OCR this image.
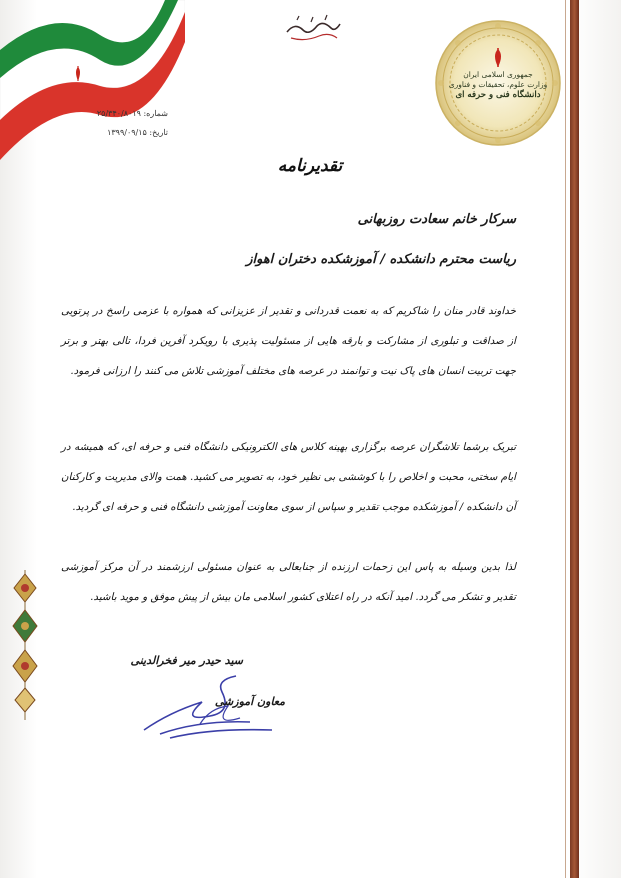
جمهوری اسلامی ایران
وزارت علوم، تحقیقات و فناوری
دانشگاه فنی و حرفه ای
شماره: ۲۵/۳۴۰/۸۰۱۹
تاریخ: ۱۳۹۹/۰۹/۱۵
تقدیرنامه
سرکار خانم سعادت روزبهانی
ریاست محترم دانشکده / آموزشکده دختران اهواز
خداوند قادر منان را شاکریم که به نعمت قدردانی و تقدیر از عزیزانی که همواره با عزمی راسخ در پرتویی از صداقت و تبلوری از مشارکت و بارقه هایی از مسئولیت پذیری با رویکرد آفرین فردا، تالی بهتر و برتر جهت تربیت انسان های پاک نیت و توانمند در عرصه های مختلف آموزشی تلاش می کنند را ارزانی فرمود.
تبریک برشما تلاشگران عرصه برگزاری بهینه کلاس های الکترونیکی دانشگاه فنی و حرفه ای، که همیشه در ایام سختی، محبت و اخلاص را با کوششی بی نظیر خود، به تصویر می کشید. همت والای مدیریت و کارکنان آن دانشکده / آموزشکده موجب تقدیر و سپاس از سوی معاونت آموزشی دانشگاه فنی و حرفه ای گردید.
لذا بدین وسیله به پاس این زحمات ارزنده از جنابعالی به عنوان مسئولی ارزشمند در آن مرکز آموزشی تقدیر و تشکر می گردد. امید آنکه در راه اعتلای کشور اسلامی مان بیش از پیش موفق و موید باشید.
سید حیدر میر فخرالدینی
معاون آموزشی
